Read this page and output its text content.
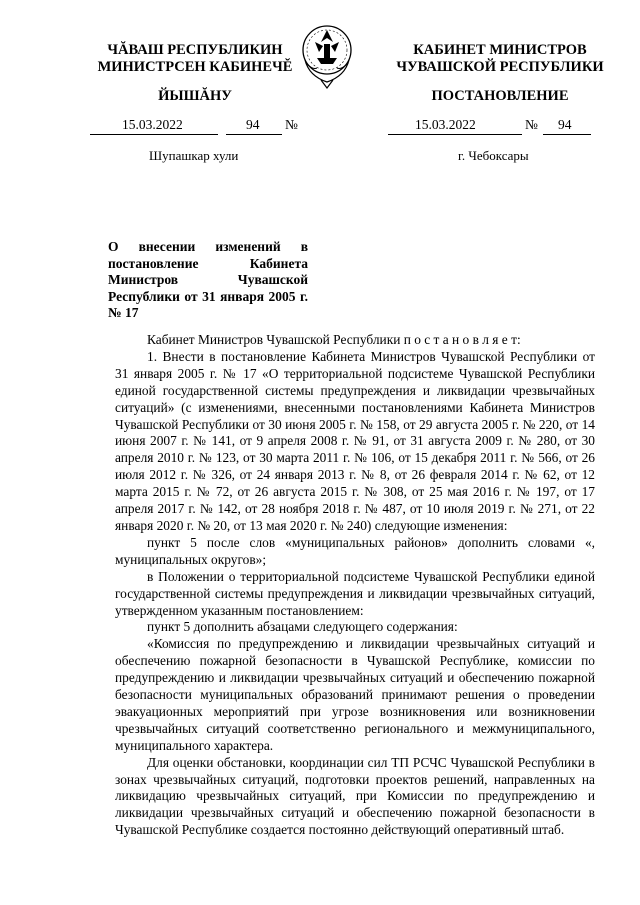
ЧĂВАШ РЕСПУБЛИКИН
МИНИСТРСЕН КАБИНЕЧĔ
ЙЫШĂНУ
КАБИНЕТ МИНИСТРОВ
ЧУВАШСКОЙ РЕСПУБЛИКИ
ПОСТАНОВЛЕНИЕ
15.03.2022	94 №	15.03.2022	№ 94
Шупашкар хули	г. Чебоксары
О внесении изменений в постановление Кабинета Министров Чувашской Республики от 31 января 2005 г. № 17

Кабинет Министров Чувашской Республики п о с т а н о в л я е т:

1. Внести в постановление Кабинета Министров Чувашской Республики от 31 января 2005 г. № 17 «О территориальной подсистеме Чувашской Республики единой государственной системы предупреждения и ликвидации чрезвычайных ситуаций» (с изменениями, внесенными постановлениями Кабинета Министров Чувашской Республики от 30 июня 2005 г. № 158, от 29 августа 2005 г. № 220, от 14 июня 2007 г. № 141, от 9 апреля 2008 г. № 91, от 31 августа 2009 г. № 280, от 30 апреля 2010 г. № 123, от 30 марта 2011 г. № 106, от 15 декабря 2011 г. № 566, от 26 июля 2012 г. № 326, от 24 января 2013 г. № 8, от 26 февраля 2014 г. № 62, от 12 марта 2015 г. № 72, от 26 августа 2015 г. № 308, от 25 мая 2016 г. № 197, от 17 апреля 2017 г. № 142, от 28 ноября 2018 г. № 487, от 10 июля 2019 г. № 271, от 22 января 2020 г. № 20, от 13 мая 2020 г. № 240) следующие изменения:

пункт 5 после слов «муниципальных районов» дополнить словами «, муниципальных округов»;

в Положении о территориальной подсистеме Чувашской Республики единой государственной системы предупреждения и ликвидации чрезвычайных ситуаций, утвержденном указанным постановлением:

пункт 5 дополнить абзацами следующего содержания:

«Комиссия по предупреждению и ликвидации чрезвычайных ситуаций и обеспечению пожарной безопасности в Чувашской Республике, комиссии по предупреждению и ликвидации чрезвычайных ситуаций и обеспечению пожарной безопасности муниципальных образований принимают решения о проведении эвакуационных мероприятий при угрозе возникновения или возникновении чрезвычайных ситуаций соответственно регионального и межмуниципального, муниципального характера.

Для оценки обстановки, координации сил ТП РСЧС Чувашской Республики в зонах чрезвычайных ситуаций, подготовки проектов решений, направленных на ликвидацию чрезвычайных ситуаций, при Комиссии по предупреждению и ликвидации чрезвычайных ситуаций и обеспечению пожарной безопасности в Чувашской Республике создается постоянно действующий оперативный штаб.
